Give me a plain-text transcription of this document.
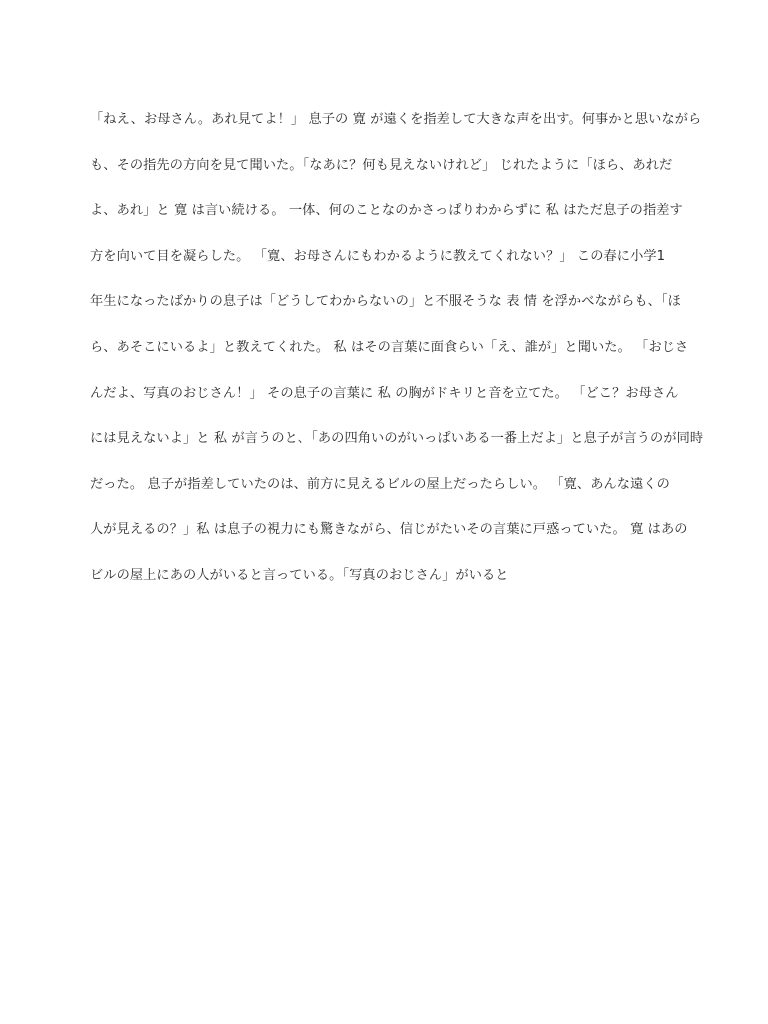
「ねえ、お母さん。あれ見てよ！」 息子の 寛 が遠くを指差して大きな声を出す。何事かと思いながら
も、その指先の方向を見て聞いた。「なあに？何も見えないけれど」 じれたように「ほら、あれだ
よ、あれ」と 寛 は言い続ける。 一体、何のことなのかさっぱりわからずに 私 はただ息子の指差す
方を向いて目を凝らした。 「寛、お母さんにもわかるように教えてくれない？」 この春に小学1
年生になったばかりの息子は「どうしてわからないの」と不服そうな 表 情 を浮かべながらも、「ほ
ら、あそこにいるよ」と教えてくれた。 私 はその言葉に面食らい「え、誰が」と聞いた。 「おじさ
んだよ、写真のおじさん！」 その息子の言葉に 私 の胸がドキリと音を立てた。 「どこ？お母さん
には見えないよ」と 私 が言うのと､「あの四角いのがいっぱいある一番上だよ」と息子が言うのが同時
だった。 息子が指差していたのは、前方に見えるビルの屋上だったらしい。 「寛、あんな遠くの
人が見えるの？」私 は息子の視力にも驚きながら、信じがたいその言葉に戸惑っていた。 寛 はあの
ビルの屋上にあの人がいると言っている。「写真のおじさん」がいると
